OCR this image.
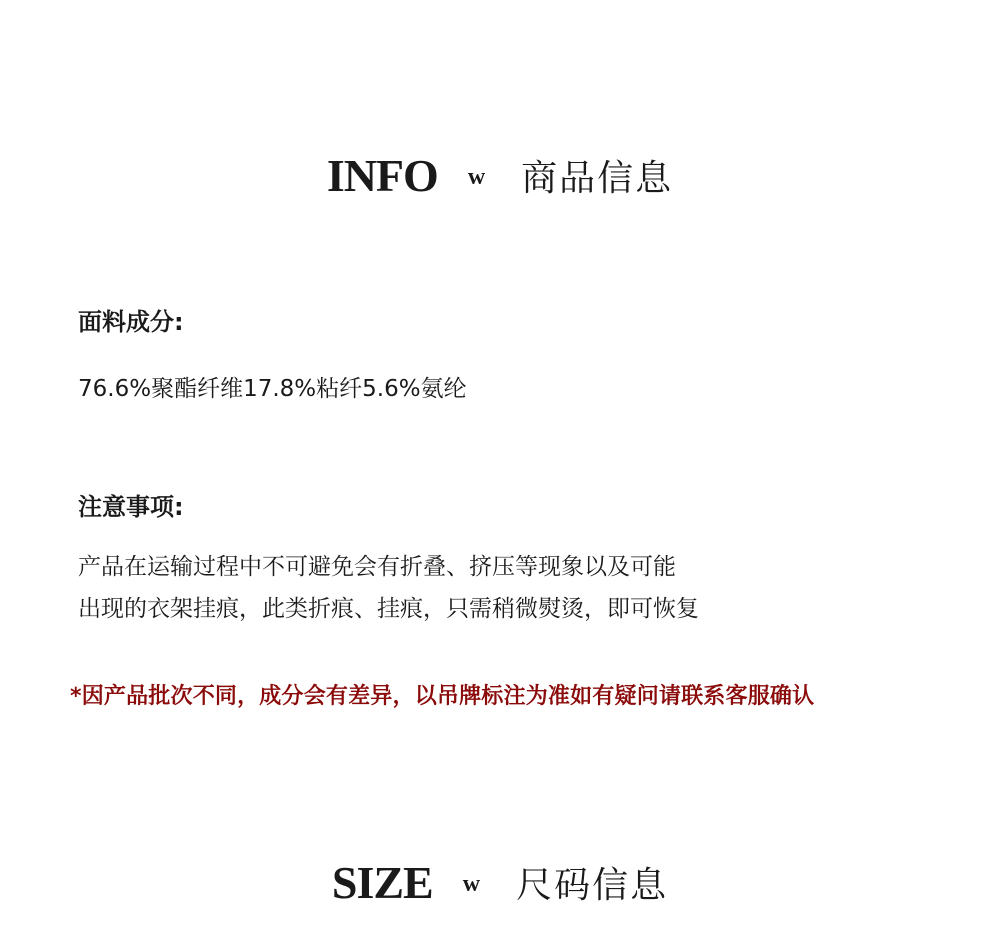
INFO w 商品信息
面料成分:
76.6%聚酯纤维17.8%粘纤5.6%氨纶
注意事项:
产品在运输过程中不可避免会有折叠、挤压等现象以及可能
出现的衣架挂痕，此类折痕、挂痕，只需稍微熨烫，即可恢复
*因产品批次不同，成分会有差异，以吊牌标注为准如有疑问请联系客服确认
SIZE w 尺码信息
